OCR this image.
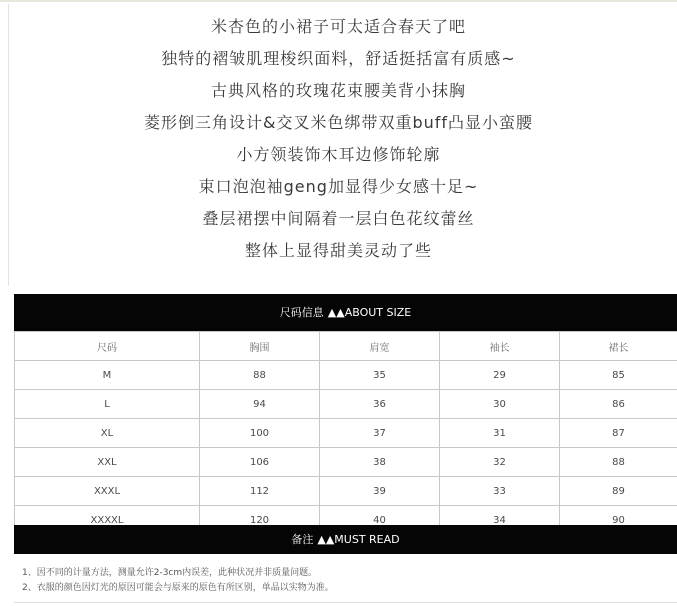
米杏色的小裙子可太适合春天了吧
独特的褶皱肌理梭织面料，舒适挺括富有质感~
古典风格的玫瑰花束腰美背小抹胸
菱形倒三角设计&交叉米色绑带双重buff凸显小蛮腰
小方领装饰木耳边修饰轮廓
束口泡泡袖geng加显得少女感十足~
叠层裙摆中间隔着一层白色花纹蕾丝
整体上显得甜美灵动了些
尺码信息 ▲▲ABOUT SIZE
尺码	胸围	肩宽	袖长	裙长
M	88	35	29	85
L	94	36	30	86
XL	100	37	31	87
XXL	106	38	32	88
XXXL	112	39	33	89
XXXXL	120	40	34	90
备注 ▲▲MUST READ
1、因不同的计量方法，测量允许2-3cm内误差，此种状况并非质量问题。
2、衣服的颜色因灯光的原因可能会与原来的原色有所区别，单品以实物为准。
